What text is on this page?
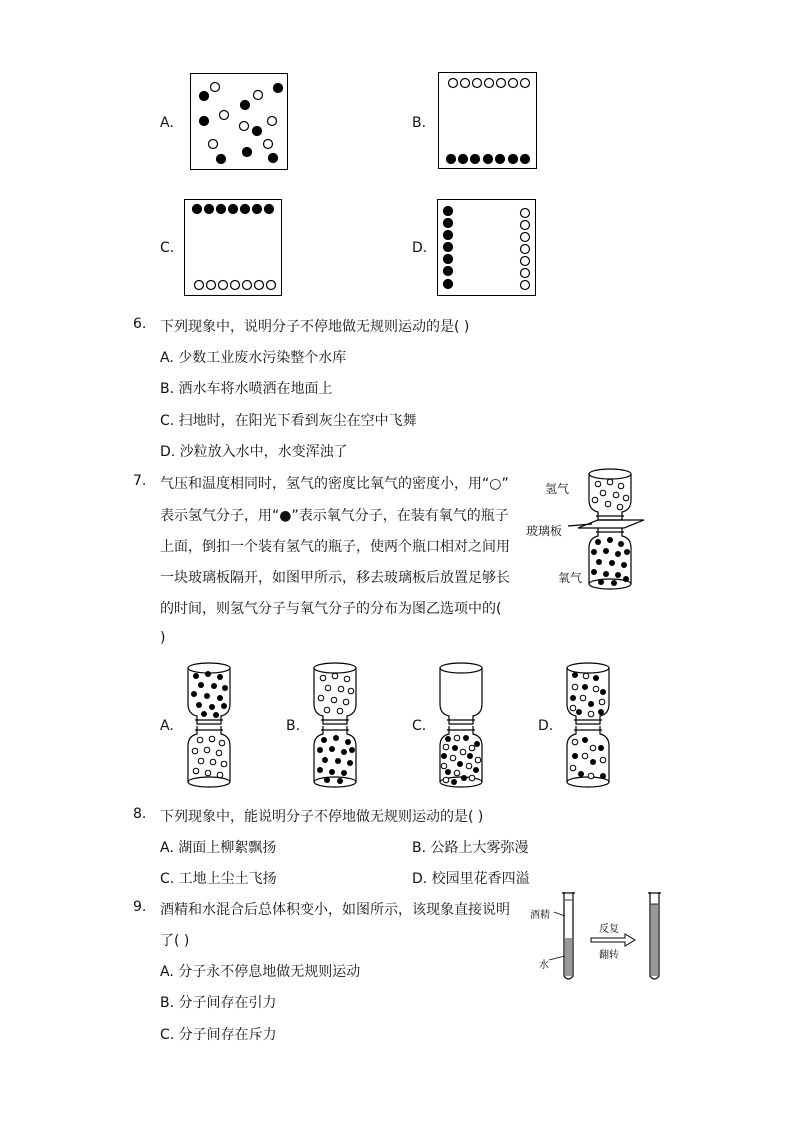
A.	B.
C.	D.
6. 下列现象中，说明分子不停地做无规则运动的是( )
A. 少数工业废水污染整个水库
B. 洒水车将水喷洒在地面上
C. 扫地时，在阳光下看到灰尘在空中飞舞
D. 沙粒放入水中，水变浑浊了
7. 气压和温度相同时，氢气的密度比氧气的密度小，用“○”
表示氢气分子，用“●”表示氧气分子，在装有氧气的瓶子
上面，倒扣一个装有氢气的瓶子，使两个瓶口相对之间用
一块玻璃板隔开，如图甲所示，移去玻璃板后放置足够长
的时间，则氢气分子与氧气分子的分布为图乙选项中的(
)
氢气
玻璃板
氧气
A.	B.	C.	D.
8. 下列现象中，能说明分子不停地做无规则运动的是( )
A. 湖面上柳絮飘扬	B. 公路上大雾弥漫
C. 工地上尘土飞扬	D. 校园里花香四溢
9. 酒精和水混合后总体积变小，如图所示，该现象直接说明
了( )
A. 分子永不停息地做无规则运动
B. 分子间存在引力
C. 分子间存在斥力
酒精
水
反复
翻转
